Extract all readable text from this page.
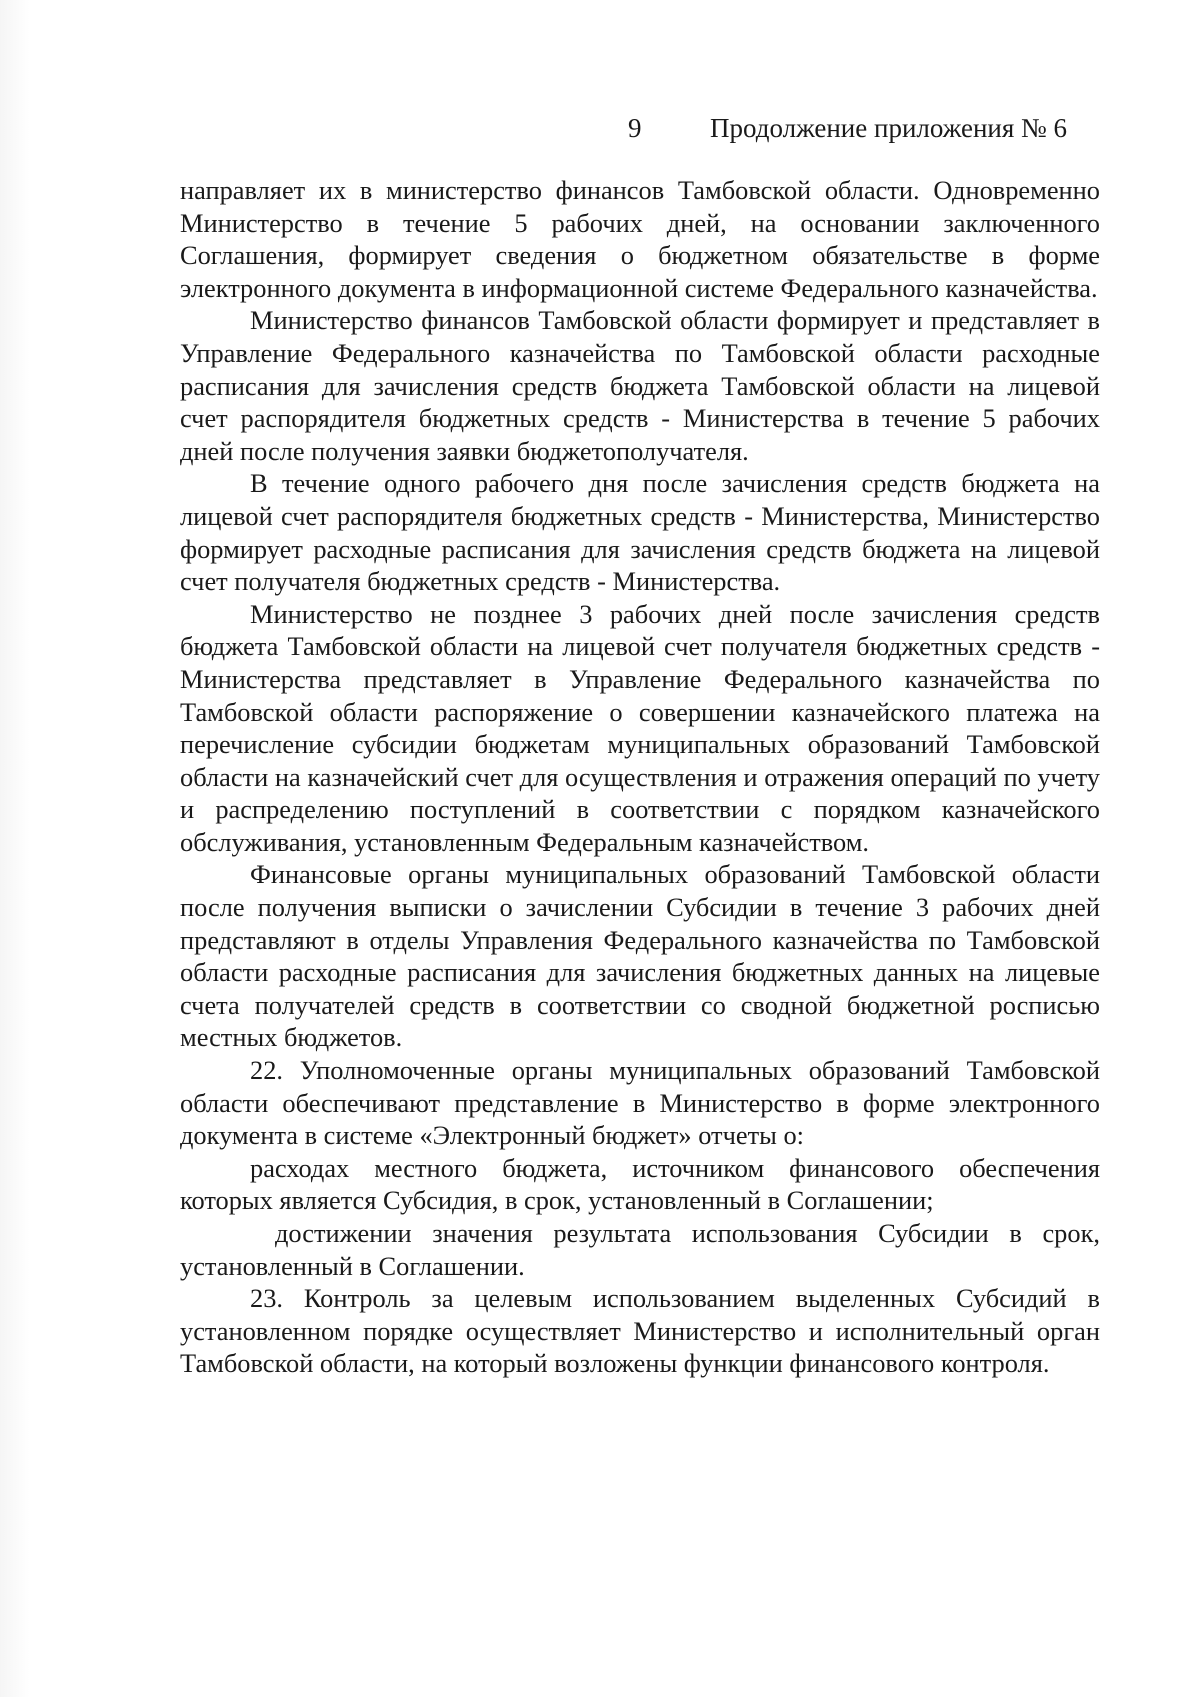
9	Продолжение приложения № 6

направляет их в министерство финансов Тамбовской области. Одновременно Министерство в течение 5 рабочих дней, на основании заключенного Соглашения, формирует сведения о бюджетном обязательстве в форме электронного документа в информационной системе Федерального казначейства.

Министерство финансов Тамбовской области формирует и представляет в Управление Федерального казначейства по Тамбовской области расходные расписания для зачисления средств бюджета Тамбовской области на лицевой счет распорядителя бюджетных средств - Министерства в течение 5 рабочих дней после получения заявки бюджетополучателя.

В течение одного рабочего дня после зачисления средств бюджета на лицевой счет распорядителя бюджетных средств - Министерства, Министерство формирует расходные расписания для зачисления средств бюджета на лицевой счет получателя бюджетных средств - Министерства.

Министерство не позднее 3 рабочих дней после зачисления средств бюджета Тамбовской области на лицевой счет получателя бюджетных средств - Министерства представляет в Управление Федерального казначейства по Тамбовской области распоряжение о совершении казначейского платежа на перечисление субсидии бюджетам муниципальных образований Тамбовской области на казначейский счет для осуществления и отражения операций по учету и распределению поступлений в соответствии с порядком казначейского обслуживания, установленным Федеральным казначейством.

Финансовые органы муниципальных образований Тамбовской области после получения выписки о зачислении Субсидии в течение 3 рабочих дней представляют в отделы Управления Федерального казначейства по Тамбовской области расходные расписания для зачисления бюджетных данных на лицевые счета получателей средств в соответствии со сводной бюджетной росписью местных бюджетов.

22. Уполномоченные органы муниципальных образований Тамбовской области обеспечивают представление в Министерство в форме электронного документа в системе «Электронный бюджет» отчеты о:

расходах местного бюджета, источником финансового обеспечения которых является Субсидия, в срок, установленный в Соглашении;

достижении значения результата использования Субсидии в срок, установленный в Соглашении.

23. Контроль за целевым использованием выделенных Субсидий в установленном порядке осуществляет Министерство и исполнительный орган Тамбовской области, на который возложены функции финансового контроля.
